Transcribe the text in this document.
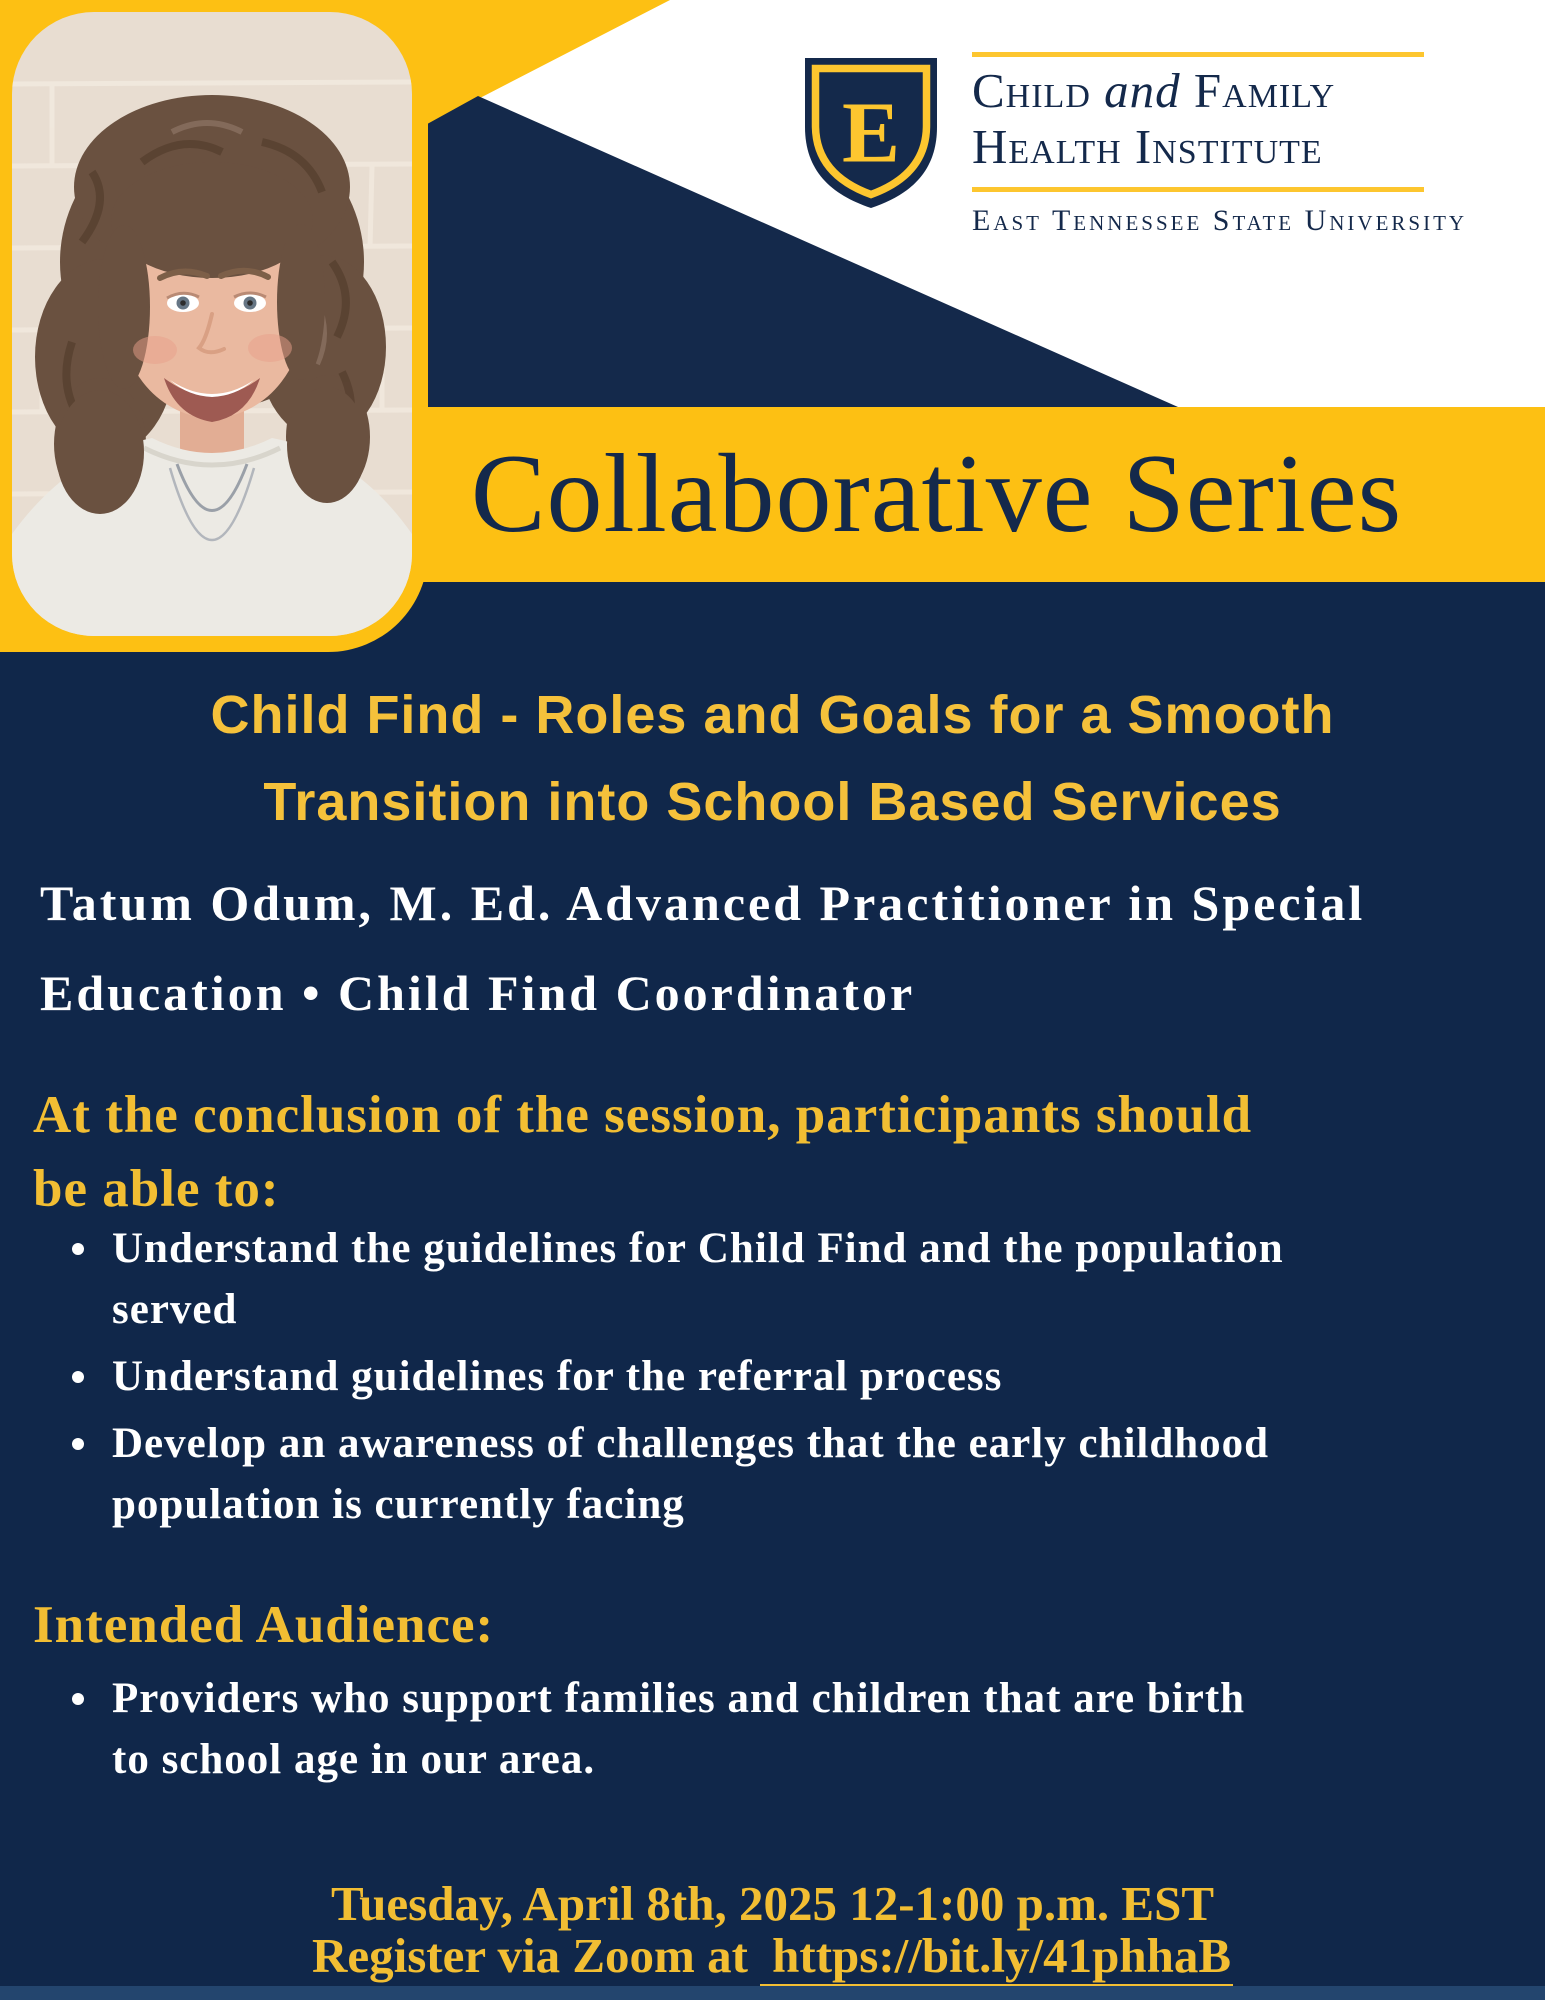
E Child and Family
Health Institute
East Tennessee State University
Collaborative Series
Child Find - Roles and Goals for a Smooth
Transition into School Based Services
Tatum Odum, M. Ed. Advanced Practitioner in Special
Education • Child Find Coordinator
At the conclusion of the session, participants should
be able to:
Understand the guidelines for Child Find and the population
served
Understand guidelines for the referral process
Develop an awareness of challenges that the early childhood
population is currently facing
Intended Audience:
Providers who support families and children that are birth
to school age in our area.
Tuesday, April 8th, 2025 12-1:00 p.m. EST
Register via Zoom at https://bit.ly/41phhaB
